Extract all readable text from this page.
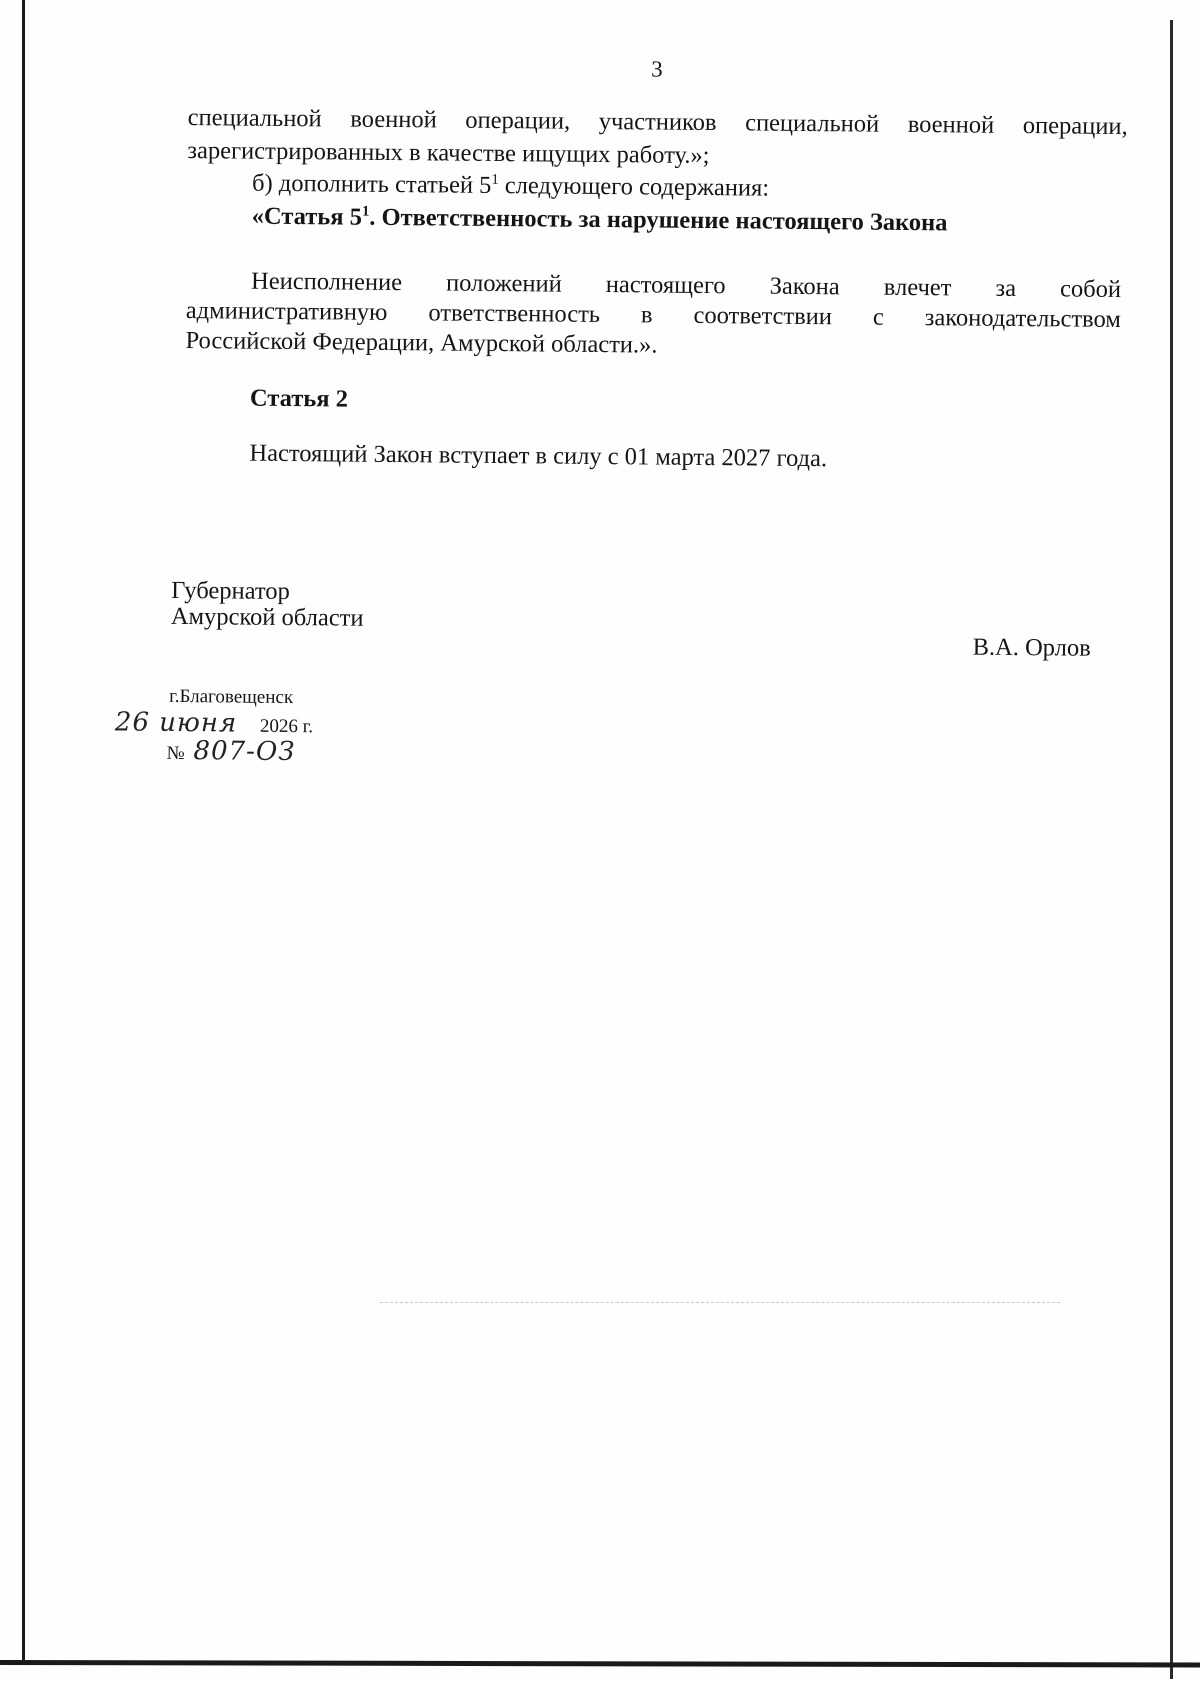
3

специальной военной операции, участников специальной военной операции,

зарегистрированных в качестве ищущих работу.»;

б) дополнить статьей $5^1$ следующего содержания:

«Статья $5^1$. Ответственность за нарушение настоящего Закона

Неисполнение положений настоящего Закона влечет за собой

административную ответственность в соответствии с законодательством

Российской Федерации, Амурской области.».

Статья 2

Настоящий Закон вступает в силу с 01 марта 2027 года.

Губернатор
Амурской области
В.А. Орлов
г.Благовещенск
26 июня 2026 г.
№ 807-ОЗ
